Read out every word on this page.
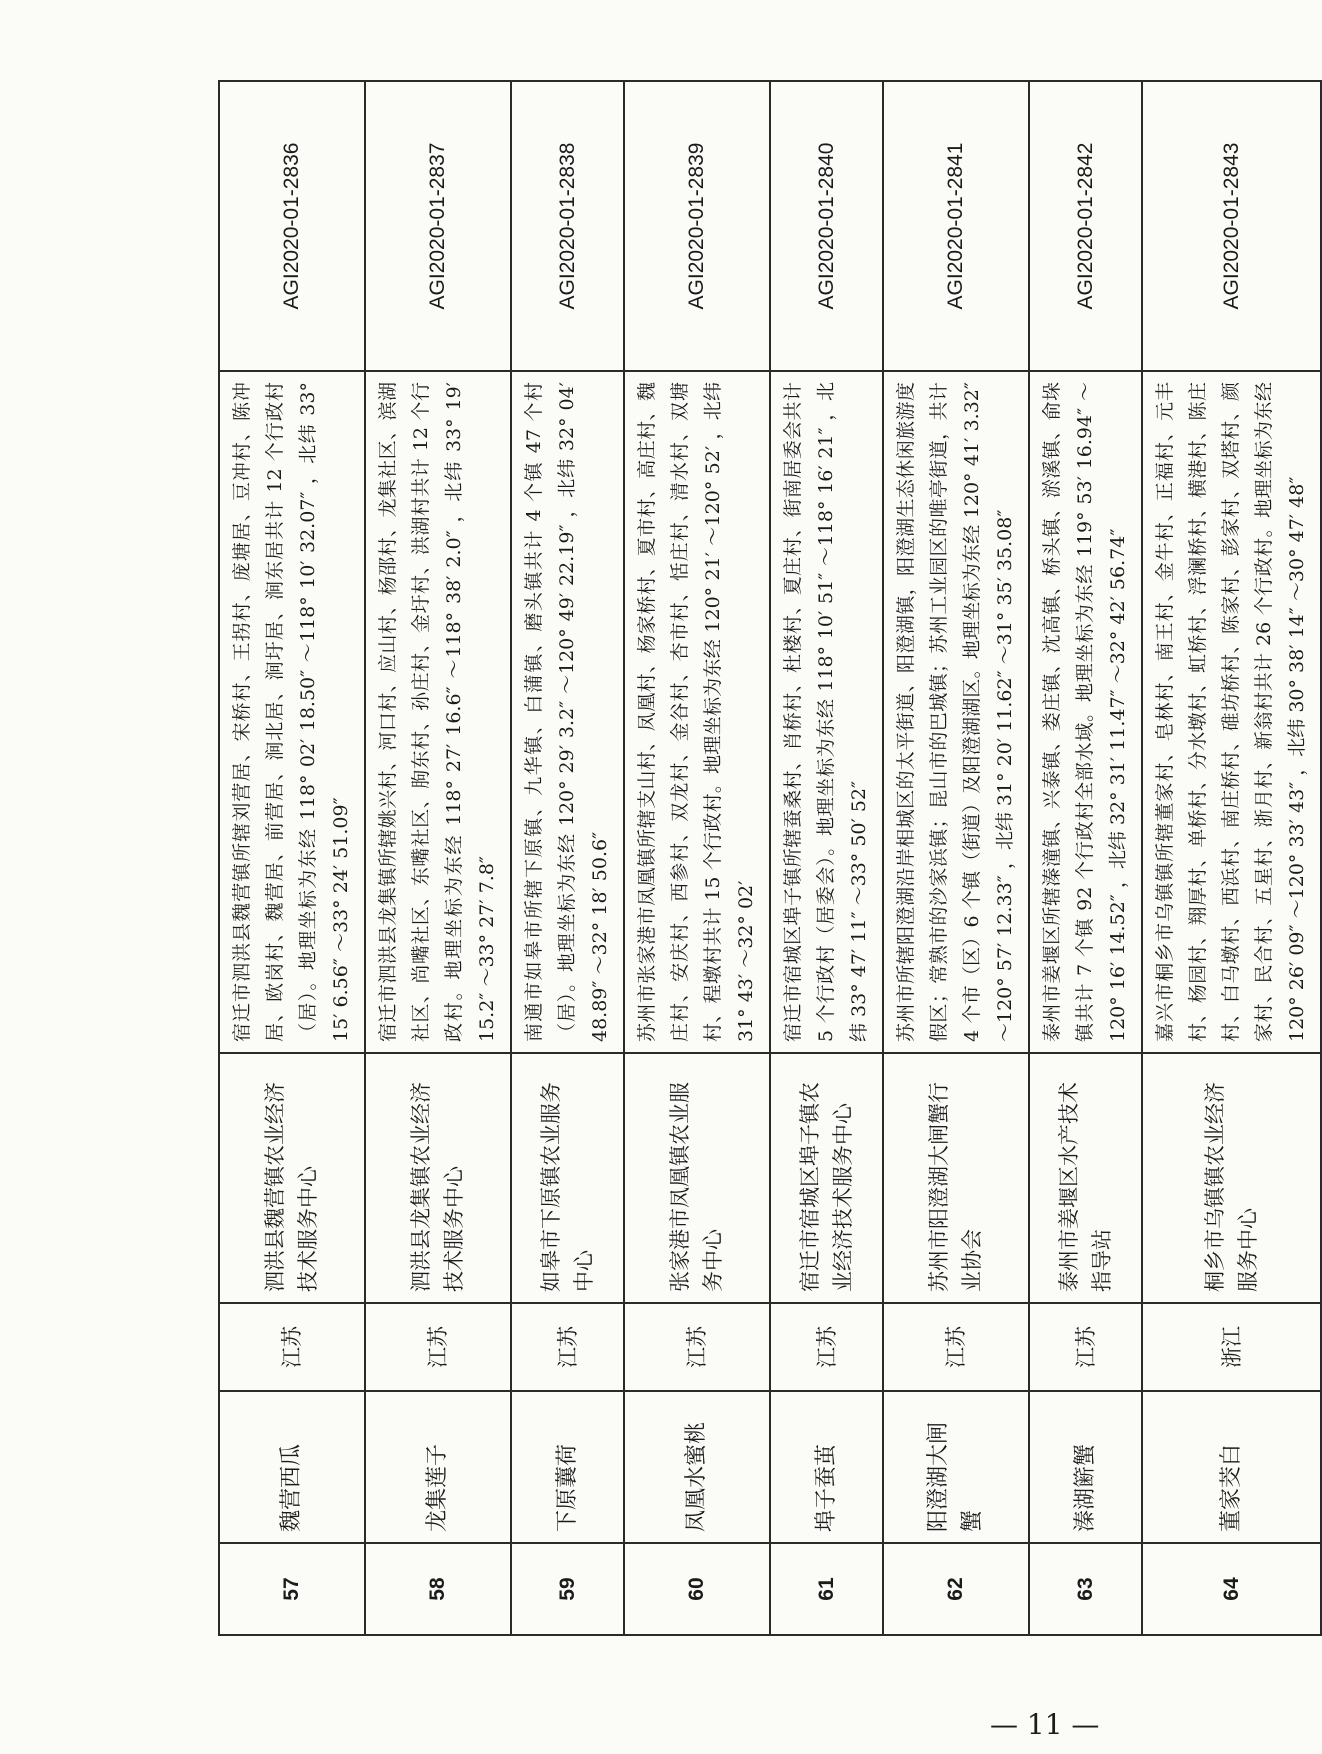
57	魏营西瓜	江苏	泗洪县魏营镇农业经济技术服务中心	宿迁市泗洪县魏营镇所辖刘营居、宋桥村、王拐村、庞塘居、豆冲村、陈冲居、欧岗村、魏营居、前营居、涧北居、涧圩居、涧东居共计 12 个行政村（居）。地理坐标为东经 118° 02′ 18.50″ ～118° 10′ 32.07″ ，北纬 33° 15′ 6.56″ ～33° 24′ 51.09″	AGI2020-01-2836
58	龙集莲子	江苏	泗洪县龙集镇农业经济技术服务中心	宿迁市泗洪县龙集镇所辖姚兴村、河口村、应山村、杨邵村、龙集社区、滨湖社区、尚嘴社区、东嘴社区、朐东村、孙庄村、金圩村、洪湖村共计 12 个行政村。地理坐标为东经 118° 27′ 16.6″ ～118° 38′ 2.0″ ，北纬 33° 19′ 15.2″ ～33° 27′ 7.8″	AGI2020-01-2837
59	下原蘘荷	江苏	如皋市下原镇农业服务中心	南通市如皋市所辖下原镇、九华镇、白蒲镇、磨头镇共计 4 个镇 47 个村（居）。地理坐标为东经 120° 29′ 3.2″ ～120° 49′ 22.19″ ，北纬 32° 04′ 48.89″ ～32° 18′ 50.6″	AGI2020-01-2838
60	凤凰水蜜桃	江苏	张家港市凤凰镇农业服务中心	苏州市张家港市凤凰镇所辖支山村、凤凰村、杨家桥村、夏市村、高庄村、魏庄村、安庆村、西参村、双龙村、金谷村、杏市村、恬庄村、清水村、双塘村、程墩村共计 15 个行政村。地理坐标为东经 120° 21′ ～120° 52′ ，北纬 31° 43′ ～32° 02′	AGI2020-01-2839
61	埠子蚕茧	江苏	宿迁市宿城区埠子镇农业经济技术服务中心	宿迁市宿城区埠子镇所辖蚕桑村、肖桥村、杜楼村、夏庄村、街南居委会共计 5 个行政村（居委会）。地理坐标为东经 118° 10′ 51″ ～118° 16′ 21″ ，北纬 33° 47′ 11″ ～33° 50′ 52″	AGI2020-01-2840
62	阳澄湖大闸蟹	江苏	苏州市阳澄湖大闸蟹行业协会	苏州市所辖阳澄湖沿岸相城区的太平街道、阳澄湖镇，阳澄湖生态休闲旅游度假区；常熟市的沙家浜镇；昆山市的巴城镇；苏州工业园区的唯亭街道，共计 4 个市（区）6 个镇（街道）及阳澄湖湖区。地理坐标为东经 120° 41′ 3.32″ ～120° 57′ 12.33″ ，北纬 31° 20′ 11.62″ ～31° 35′ 35.08″	AGI2020-01-2841
63	溱湖簖蟹	江苏	泰州市姜堰区水产技术指导站	泰州市姜堰区所辖溱潼镇、兴泰镇、娄庄镇、沈高镇、桥头镇、淤溪镇、俞垛镇共计 7 个镇 92 个行政村全部水域。地理坐标为东经 119° 53′ 16.94″ ～120° 16′ 14.52″ ，北纬 32° 31′ 11.47″ ～32° 42′ 56.74″	AGI2020-01-2842
64	董家茭白	浙江	桐乡市乌镇镇农业经济服务中心	嘉兴市桐乡市乌镇镇所辖董家村、皂林村、南王村、金牛村、正福村、元丰村、杨园村、翔厚村、单桥村、分水墩村、虹桥村、浮澜桥村、横港村、陈庄村、白马墩村、西浜村、南庄桥村、碓坊桥村、陈家村、彭家村、双塔村、颜家村、民合村、五星村、浙月村、新翁村共计 26 个行政村。地理坐标为东经 120° 26′ 09″ ～120° 33′ 43″ ，北纬 30° 38′ 14″ ～30° 47′ 48″	AGI2020-01-2843
— 11 —
